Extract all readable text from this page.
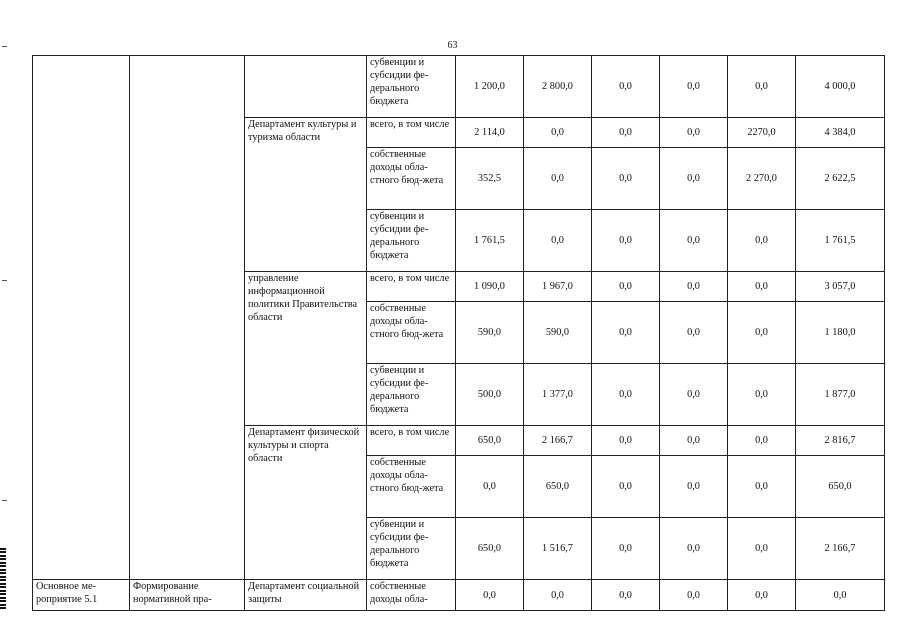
63
			субвенции и субсидии фе-дерального бюджета	1 200,0	2 800,0	0,0	0,0	0,0	4 000,0
		Департамент культуры и туризма области	всего, в том числе	2 114,0	0,0	0,0	0,0	2270,0	4 384,0
			собственные доходы обла-стного бюд-жета	352,5	0,0	0,0	0,0	2 270,0	2 622,5
			субвенции и субсидии фе-дерального бюджета	1 761,5	0,0	0,0	0,0	0,0	1 761,5
		управление информационной политики Правительства области	всего, в том числе	1 090,0	1 967,0	0,0	0,0	0,0	3 057,0
			собственные доходы обла-стного бюд-жета	590,0	590,0	0,0	0,0	0,0	1 180,0
			субвенции и субсидии фе-дерального бюджета	500,0	1 377,0	0,0	0,0	0,0	1 877,0
		Департамент физической культуры и спорта области	всего, в том числе	650,0	2 166,7	0,0	0,0	0,0	2 816,7
			собственные доходы обла-стного бюд-жета	0,0	650,0	0,0	0,0	0,0	650,0
			субвенции и субсидии фе-дерального бюджета	650,0	1 516,7	0,0	0,0	0,0	2 166,7
Основное ме-роприятие 5.1	Формирование нормативной пра-	Департамент социальной защиты	собственные доходы обла-	0,0	0,0	0,0	0,0	0,0	0,0
